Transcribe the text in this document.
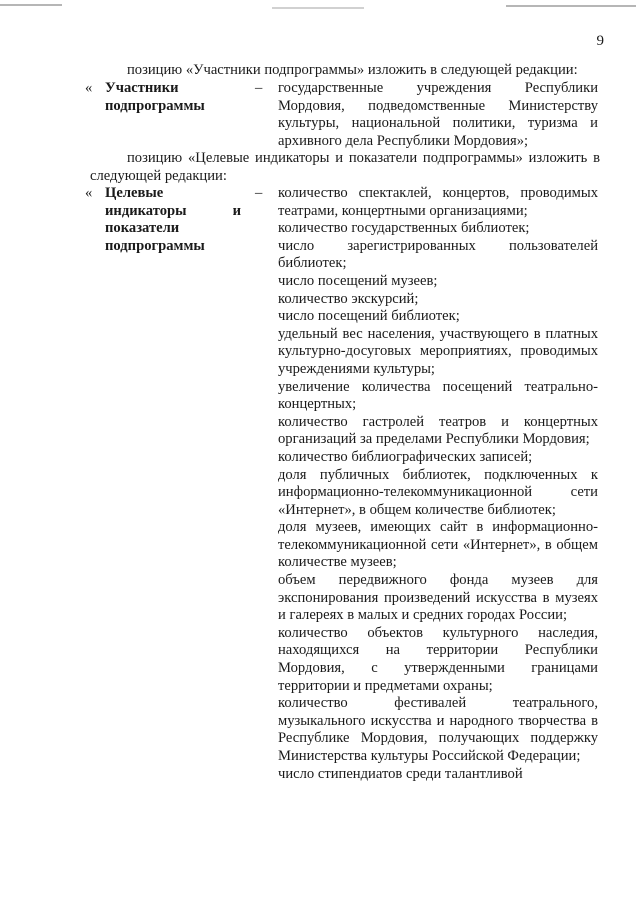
9
позицию «Участники подпрограммы» изложить в следующей редакции:
« Участники подпрограммы
– государственные учреждения Республики Мордовия, подведомственные Министерству культуры, национальной политики, туризма и архивного дела Республики Мордовия»;
позицию «Целевые индикаторы и показатели подпрограммы» изложить в следующей редакции:
« Целевые индикаторы и показатели подпрограммы
– количество спектаклей, концертов, проводимых театрами, концертными организациями;
количество государственных библиотек;
число зарегистрированных пользователей библиотек;
число посещений музеев;
количество экскурсий;
число посещений библиотек;
удельный вес населения, участвующего в платных культурно-досуговых мероприятиях, проводимых учреждениями культуры;
увеличение количества посещений театрально-концертных;
количество гастролей театров и концертных организаций за пределами Республики Мордовия;
количество библиографических записей;
доля публичных библиотек, подключенных к информационно-телекоммуникационной сети «Интернет», в общем количестве библиотек;
доля музеев, имеющих сайт в информационно-телекоммуникационной сети «Интернет», в общем количестве музеев;
объем передвижного фонда музеев для экспонирования произведений искусства в музеях и галереях в малых и средних городах России;
количество объектов культурного наследия, находящихся на территории Республики Мордовия, с утвержденными границами территории и предметами охраны;
количество фестивалей театрального, музыкального искусства и народного творчества в Республике Мордовия, получающих поддержку Министерства культуры Российской Федерации;
число стипендиатов среди талантливой
